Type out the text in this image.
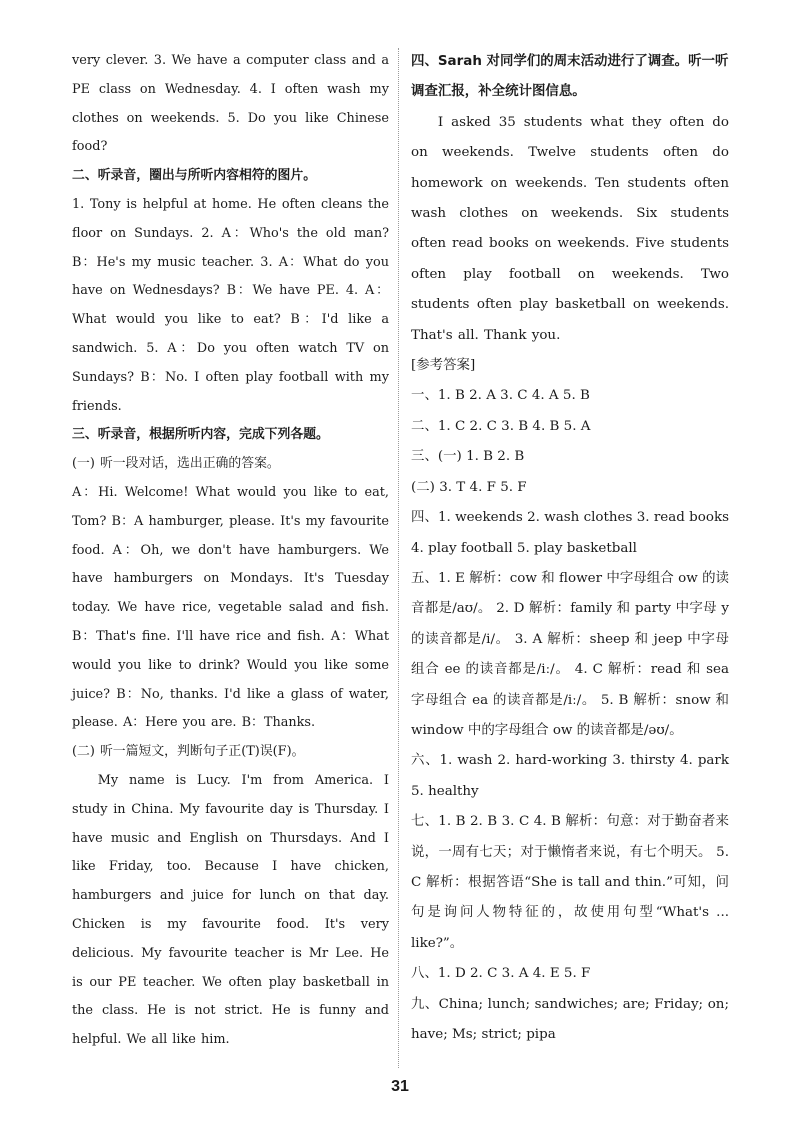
very clever. 3. We have a computer class and a PE class on Wednesday. 4. I often wash my clothes on weekends. 5. Do you like Chinese food?

二、听录音，圈出与所听内容相符的图片。

1. Tony is helpful at home. He often cleans the floor on Sundays. 2. A：Who's the old man? B：He's my music teacher. 3. A：What do you have on Wednesdays? B：We have PE. 4. A：What would you like to eat? B：I'd like a sandwich. 5. A：Do you often watch TV on Sundays? B：No. I often play football with my friends.

三、听录音，根据所听内容，完成下列各题。

(一) 听一段对话，选出正确的答案。

A：Hi. Welcome! What would you like to eat, Tom? B：A hamburger, please. It's my favourite food. A：Oh, we don't have hamburgers. We have hamburgers on Mondays. It's Tuesday today. We have rice, vegetable salad and fish. B：That's fine. I'll have rice and fish. A：What would you like to drink? Would you like some juice? B：No, thanks. I'd like a glass of water, please. A：Here you are. B：Thanks.

(二) 听一篇短文，判断句子正(T)误(F)。

My name is Lucy. I'm from America. I study in China. My favourite day is Thursday. I have music and English on Thursdays. And I like Friday, too. Because I have chicken, hamburgers and juice for lunch on that day. Chicken is my favourite food. It's very delicious. My favourite teacher is Mr Lee. He is our PE teacher. We often play basketball in the class. He is not strict. He is funny and helpful. We all like him.

四、Sarah 对同学们的周末活动进行了调查。听一听调查汇报，补全统计图信息。

I asked 35 students what they often do on weekends. Twelve students often do homework on weekends. Ten students often wash clothes on weekends. Six students often read books on weekends. Five students often play football on weekends. Two students often play basketball on weekends. That's all. Thank you.

[参考答案]

一、1. B 2. A 3. C 4. A 5. B

二、1. C 2. C 3. B 4. B 5. A

三、(一) 1. B 2. B

(二) 3. T 4. F 5. F

四、1. weekends 2. wash clothes 3. read books 4. play football 5. play basketball

五、1. E 解析：cow 和 flower 中字母组合 ow 的读音都是/aʊ/。 2. D 解析：family 和 party 中字母 y 的读音都是/i/。 3. A 解析：sheep 和 jeep 中字母组合 ee 的读音都是/iː/。 4. C 解析：read 和 sea 字母组合 ea 的读音都是/iː/。 5. B 解析：snow 和 window 中的字母组合 ow 的读音都是/əʊ/。

六、1. wash 2. hard-working 3. thirsty 4. park 5. healthy

七、1. B 2. B 3. C 4. B 解析：句意：对于勤奋者来说，一周有七天；对于懒惰者来说，有七个明天。 5. C 解析：根据答语“She is tall and thin.”可知，问句是询问人物特征的，故使用句型“What's ... like?”。

八、1. D 2. C 3. A 4. E 5. F

九、China; lunch; sandwiches; are; Friday; on; have; Ms; strict; pipa

31
